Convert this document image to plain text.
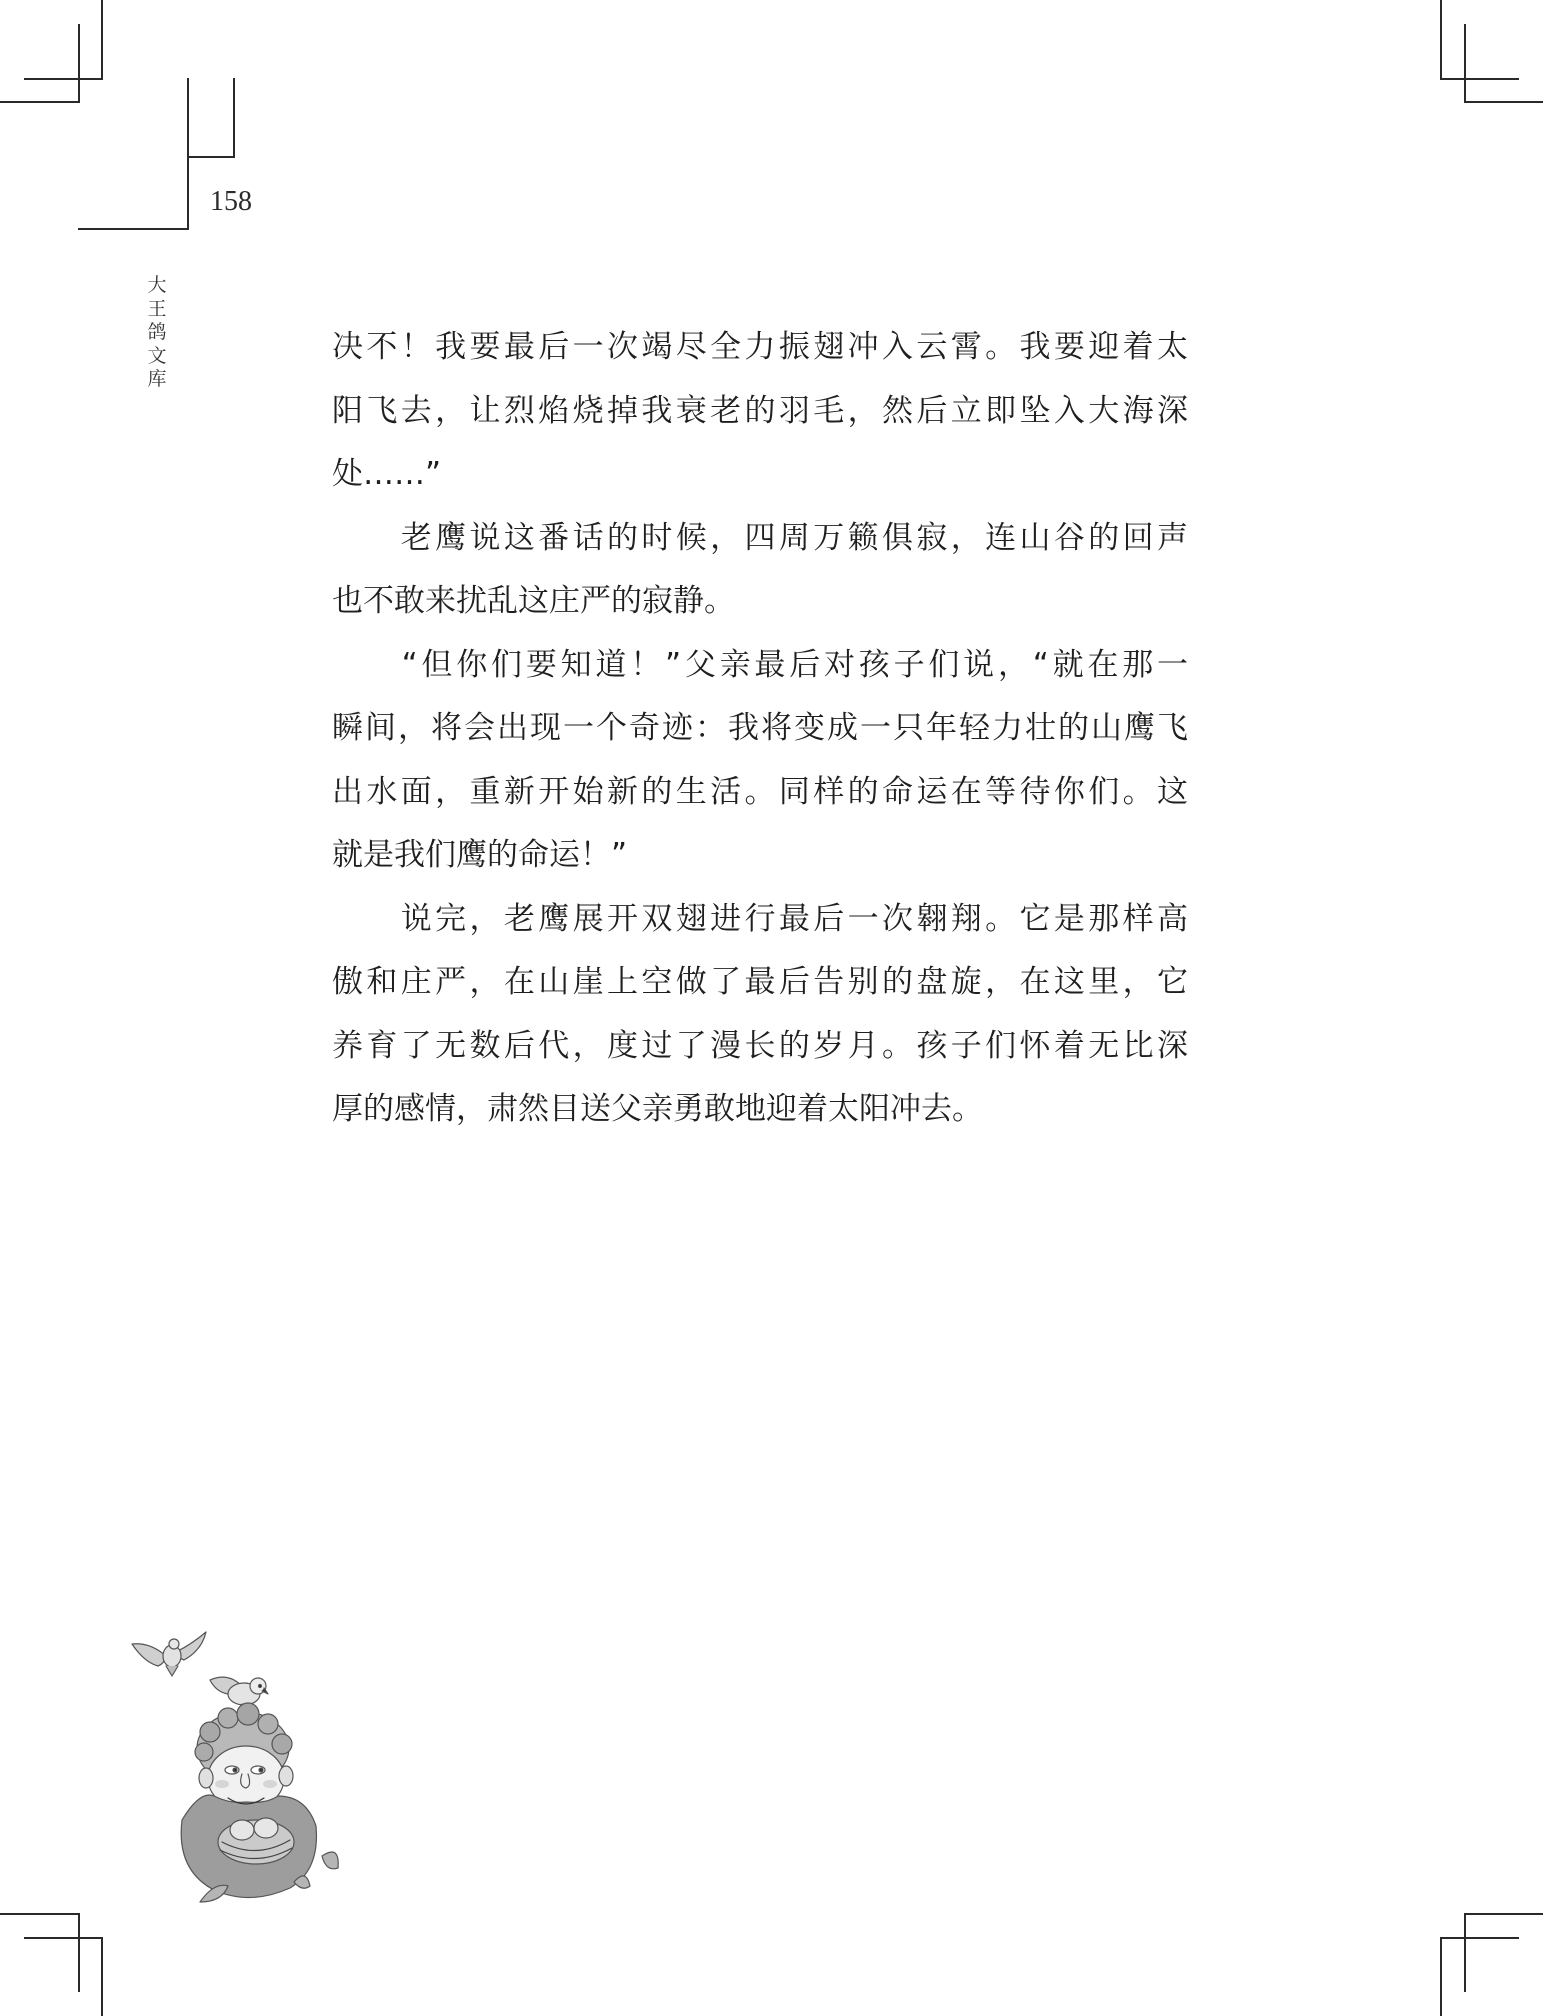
158
大
王
鸽
文
库
决不！我要最后一次竭尽全力振翅冲入云霄。我要迎着太
阳飞去，让烈焰烧掉我衰老的羽毛，然后立即坠入大海深
处……”
　　老鹰说这番话的时候，四周万籁俱寂，连山谷的回声
也不敢来扰乱这庄严的寂静。
　　“但你们要知道！”父亲最后对孩子们说，“就在那一
瞬间，将会出现一个奇迹：我将变成一只年轻力壮的山鹰飞
出水面，重新开始新的生活。同样的命运在等待你们。这
就是我们鹰的命运！”
　　说完，老鹰展开双翅进行最后一次翱翔。它是那样高
傲和庄严，在山崖上空做了最后告别的盘旋，在这里，它
养育了无数后代，度过了漫长的岁月。孩子们怀着无比深
厚的感情，肃然目送父亲勇敢地迎着太阳冲去。
